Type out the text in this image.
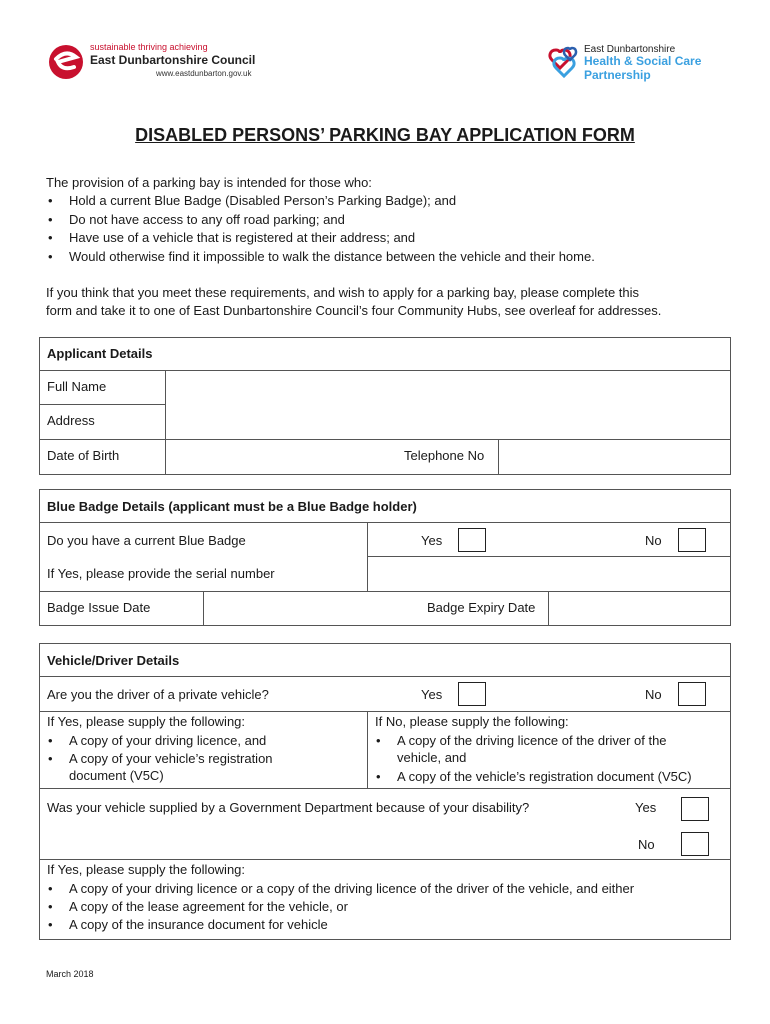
sustainable thriving achieving
East Dunbartonshire Council
www.eastdunbarton.gov.uk
East Dunbartonshire
Health & Social Care
Partnership
DISABLED PERSONS’ PARKING BAY APPLICATION FORM
The provision of a parking bay is intended for those who:
• Hold a current Blue Badge (Disabled Person’s Parking Badge); and
• Do not have access to any off road parking; and
• Have use of a vehicle that is registered at their address; and
• Would otherwise find it impossible to walk the distance between the vehicle and their home.
If you think that you meet these requirements, and wish to apply for a parking bay, please complete this
form and take it to one of East Dunbartonshire Council’s four Community Hubs, see overleaf for addresses.
Applicant Details
Full Name
Address
Date of Birth	Telephone No
Blue Badge Details (applicant must be a Blue Badge holder)
Do you have a current Blue Badge	Yes	No
If Yes, please provide the serial number
Badge Issue Date	Badge Expiry Date
Vehicle/Driver Details
Are you the driver of a private vehicle?	Yes	No
If Yes, please supply the following:
• A copy of your driving licence, and
• A copy of your vehicle’s registration
document (V5C)
If No, please supply the following:
• A copy of the driving licence of the driver of the
vehicle, and
• A copy of the vehicle’s registration document (V5C)
Was your vehicle supplied by a Government Department because of your disability?	Yes
No
If Yes, please supply the following:
• A copy of your driving licence or a copy of the driving licence of the driver of the vehicle, and either
• A copy of the lease agreement for the vehicle, or
• A copy of the insurance document for vehicle
March 2018
